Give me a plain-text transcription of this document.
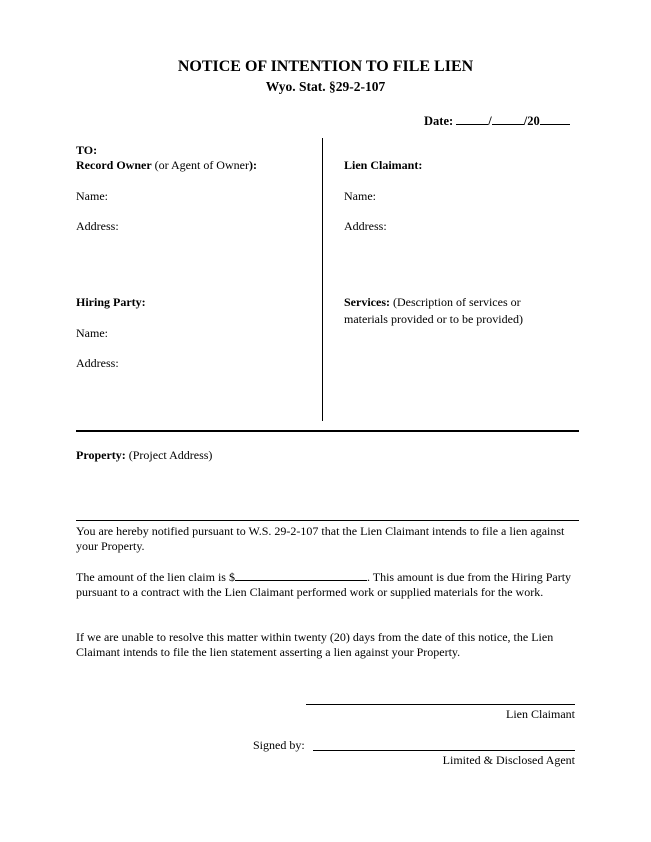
NOTICE OF INTENTION TO FILE LIEN
Wyo. Stat. §29-2-107
Date:	/	/20
TO:
Record Owner (or Agent of Owner):
Name:
Address:
Hiring Party:
Name:
Address:
Lien Claimant:
Name:
Address:
Services: (Description of services or
materials provided or to be provided)
Property: (Project Address)
You are hereby notified pursuant to W.S. 29-2-107 that the Lien Claimant intends to file a lien against your Property.
The amount of the lien claim is $	. This amount is due from the Hiring Party pursuant to a contract with the Lien Claimant performed work or supplied materials for the work.
If we are unable to resolve this matter within twenty (20) days from the date of this notice, the Lien Claimant intends to file the lien statement asserting a lien against your Property.
Lien Claimant
Signed by:
Limited & Disclosed Agent
